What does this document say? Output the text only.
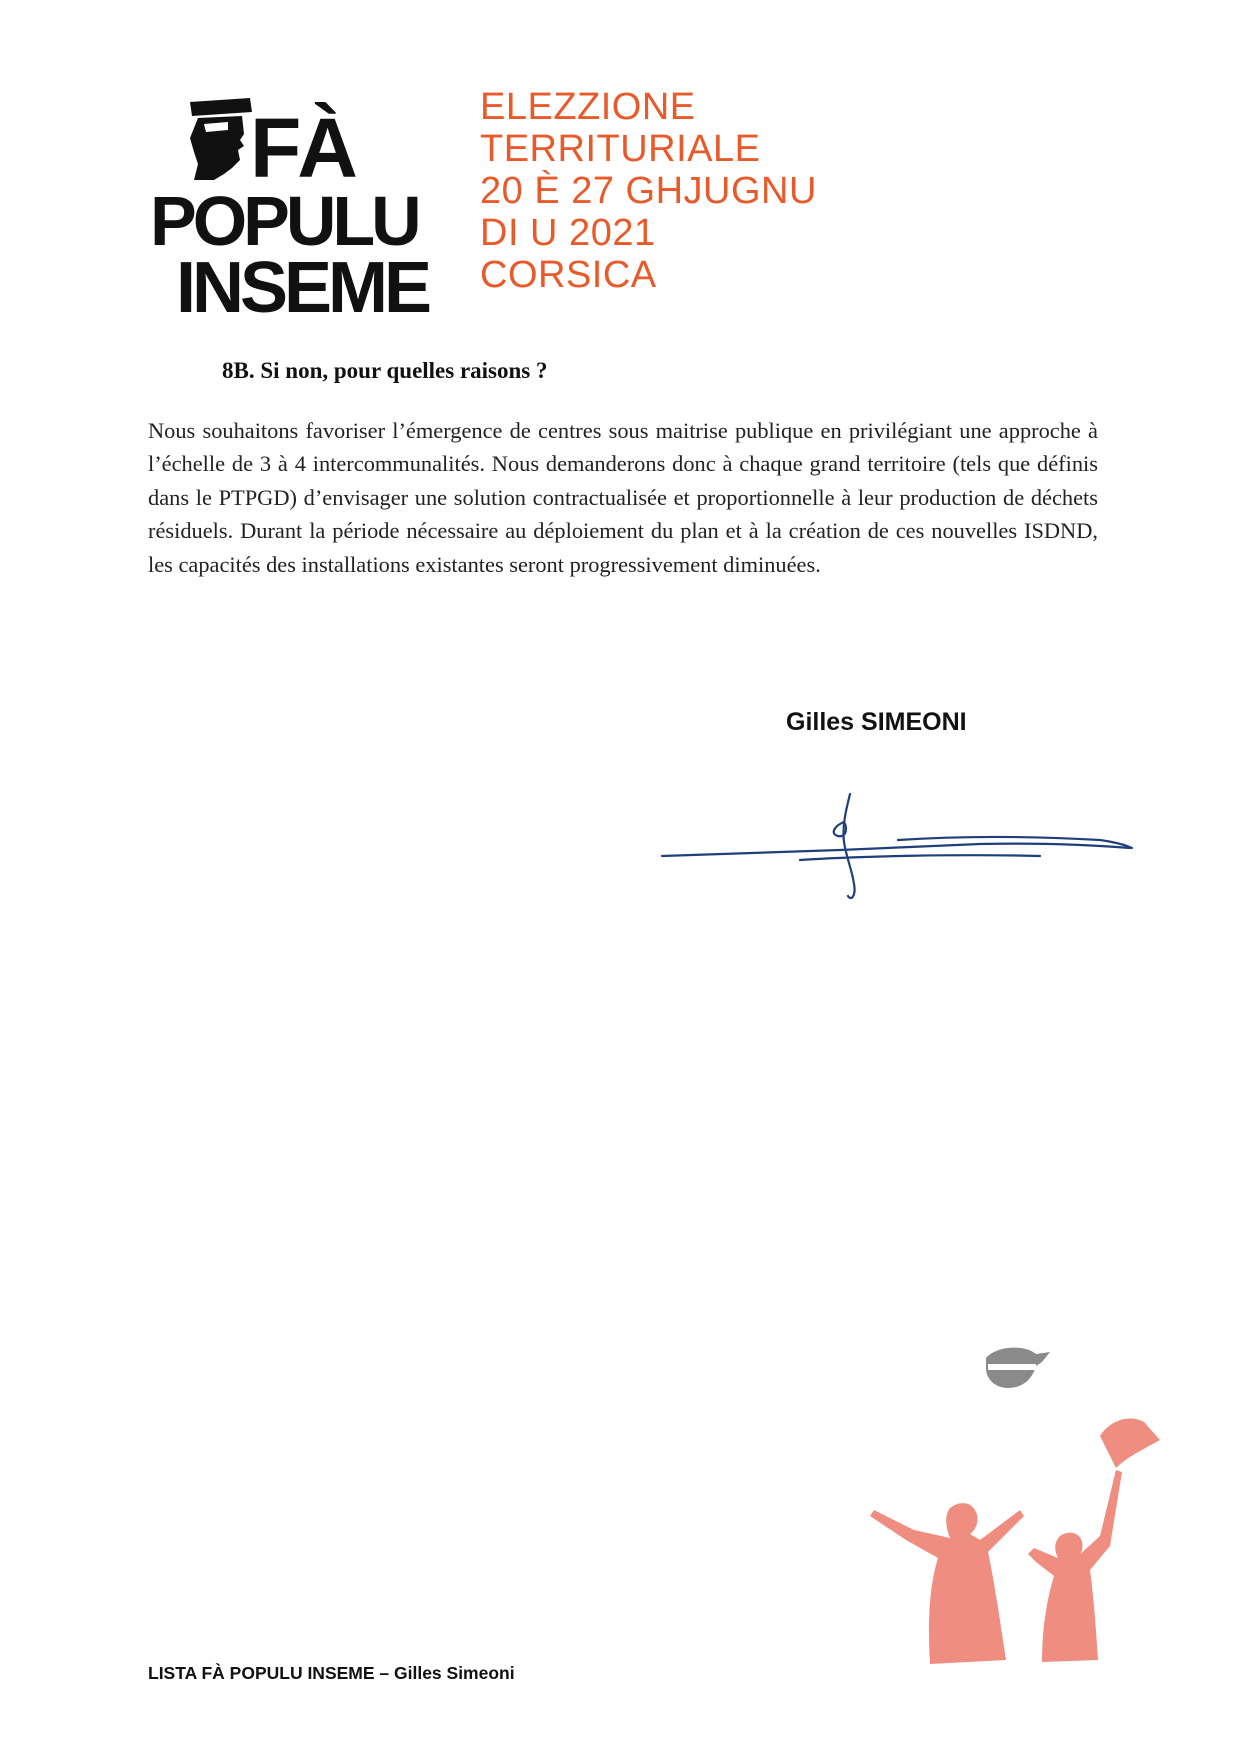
FÀ
POPULU
INSEME
ELEZZIONE
TERRITURIALE
20 È 27 GHJUGNU
DI U 2021
CORSICA
8B. Si non, pour quelles raisons ?
Nous souhaitons favoriser l’émergence de centres sous maitrise publique en privilégiant une approche à l’échelle de 3 à 4 intercommunalités. Nous demanderons donc à chaque grand territoire (tels que définis dans le PTPGD) d’envisager une solution contractualisée et proportionnelle à leur production de déchets résiduels. Durant la période nécessaire au déploiement du plan et à la création de ces nouvelles ISDND, les capacités des installations existantes seront progressivement diminuées.
Gilles SIMEONI
LISTA FÀ POPULU INSEME – Gilles Simeoni
